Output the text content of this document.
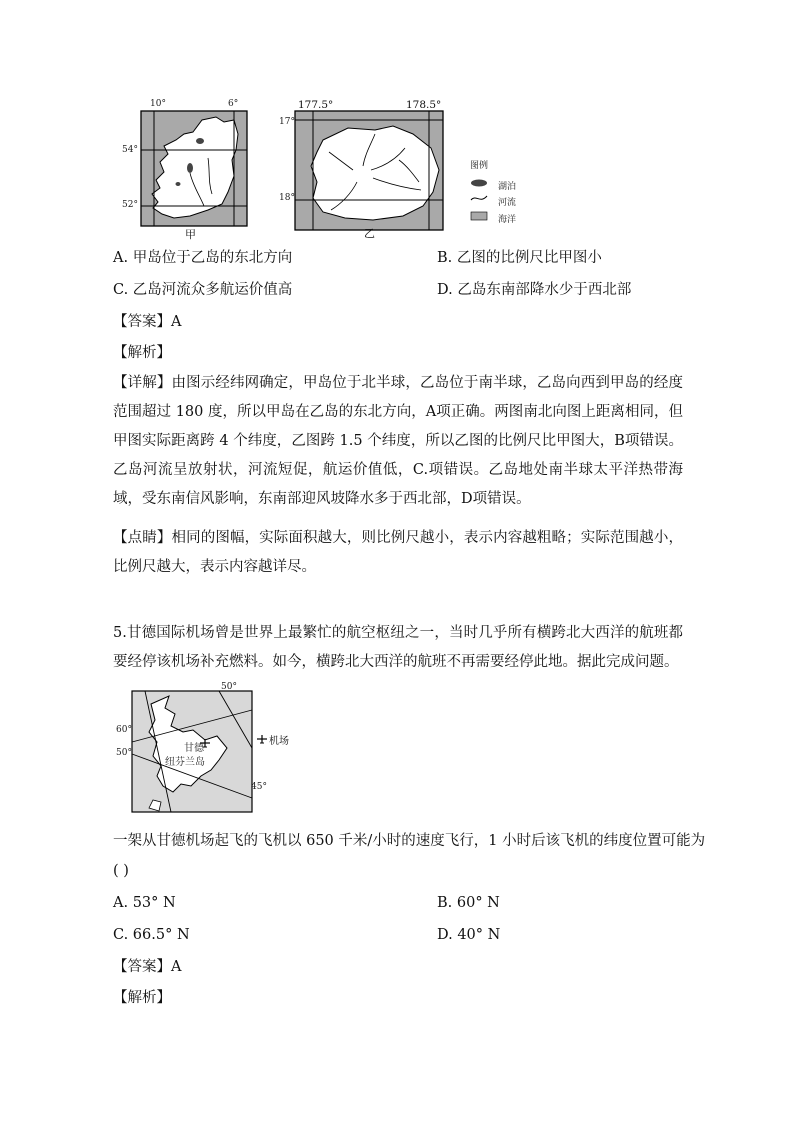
10°	6°
54°
52°
甲
177.5°	178.5°
17°
18°
乙
图例
湖泊
河流
海洋
A. 甲岛位于乙岛的东北方向	B. 乙图的比例尺比甲图小
C. 乙岛河流众多航运价值高	D. 乙岛东南部降水少于西北部
【答案】A
【解析】
【详解】由图示经纬网确定，甲岛位于北半球，乙岛位于南半球，乙岛向西到甲岛的经度范围超过 180 度，所以甲岛在乙岛的东北方向，A项正确。两图南北向图上距离相同，但甲图实际距离跨 4 个纬度，乙图跨 1.5 个纬度，所以乙图的比例尺比甲图大，B项错误。乙岛河流呈放射状，河流短促，航运价值低，C.项错误。乙岛地处南半球太平洋热带海域，受东南信风影响，东南部迎风坡降水多于西北部，D项错误。
【点睛】相同的图幅，实际面积越大，则比例尺越小，表示内容越粗略；实际范围越小，比例尺越大，表示内容越详尽。
5.甘德国际机场曾是世界上最繁忙的航空枢纽之一，当时几乎所有横跨北大西洋的航班都要经停该机场补充燃料。如今，横跨北大西洋的航班不再需要经停此地。据此完成问题。
50°
60°
50°
45°
甘德
纽芬兰岛
机场
一架从甘德机场起飞的飞机以 650 千米/小时的速度飞行，1 小时后该飞机的纬度位置可能为
( )
A. 53° N	B. 60° N
C. 66.5° N	D. 40° N
【答案】A
【解析】
